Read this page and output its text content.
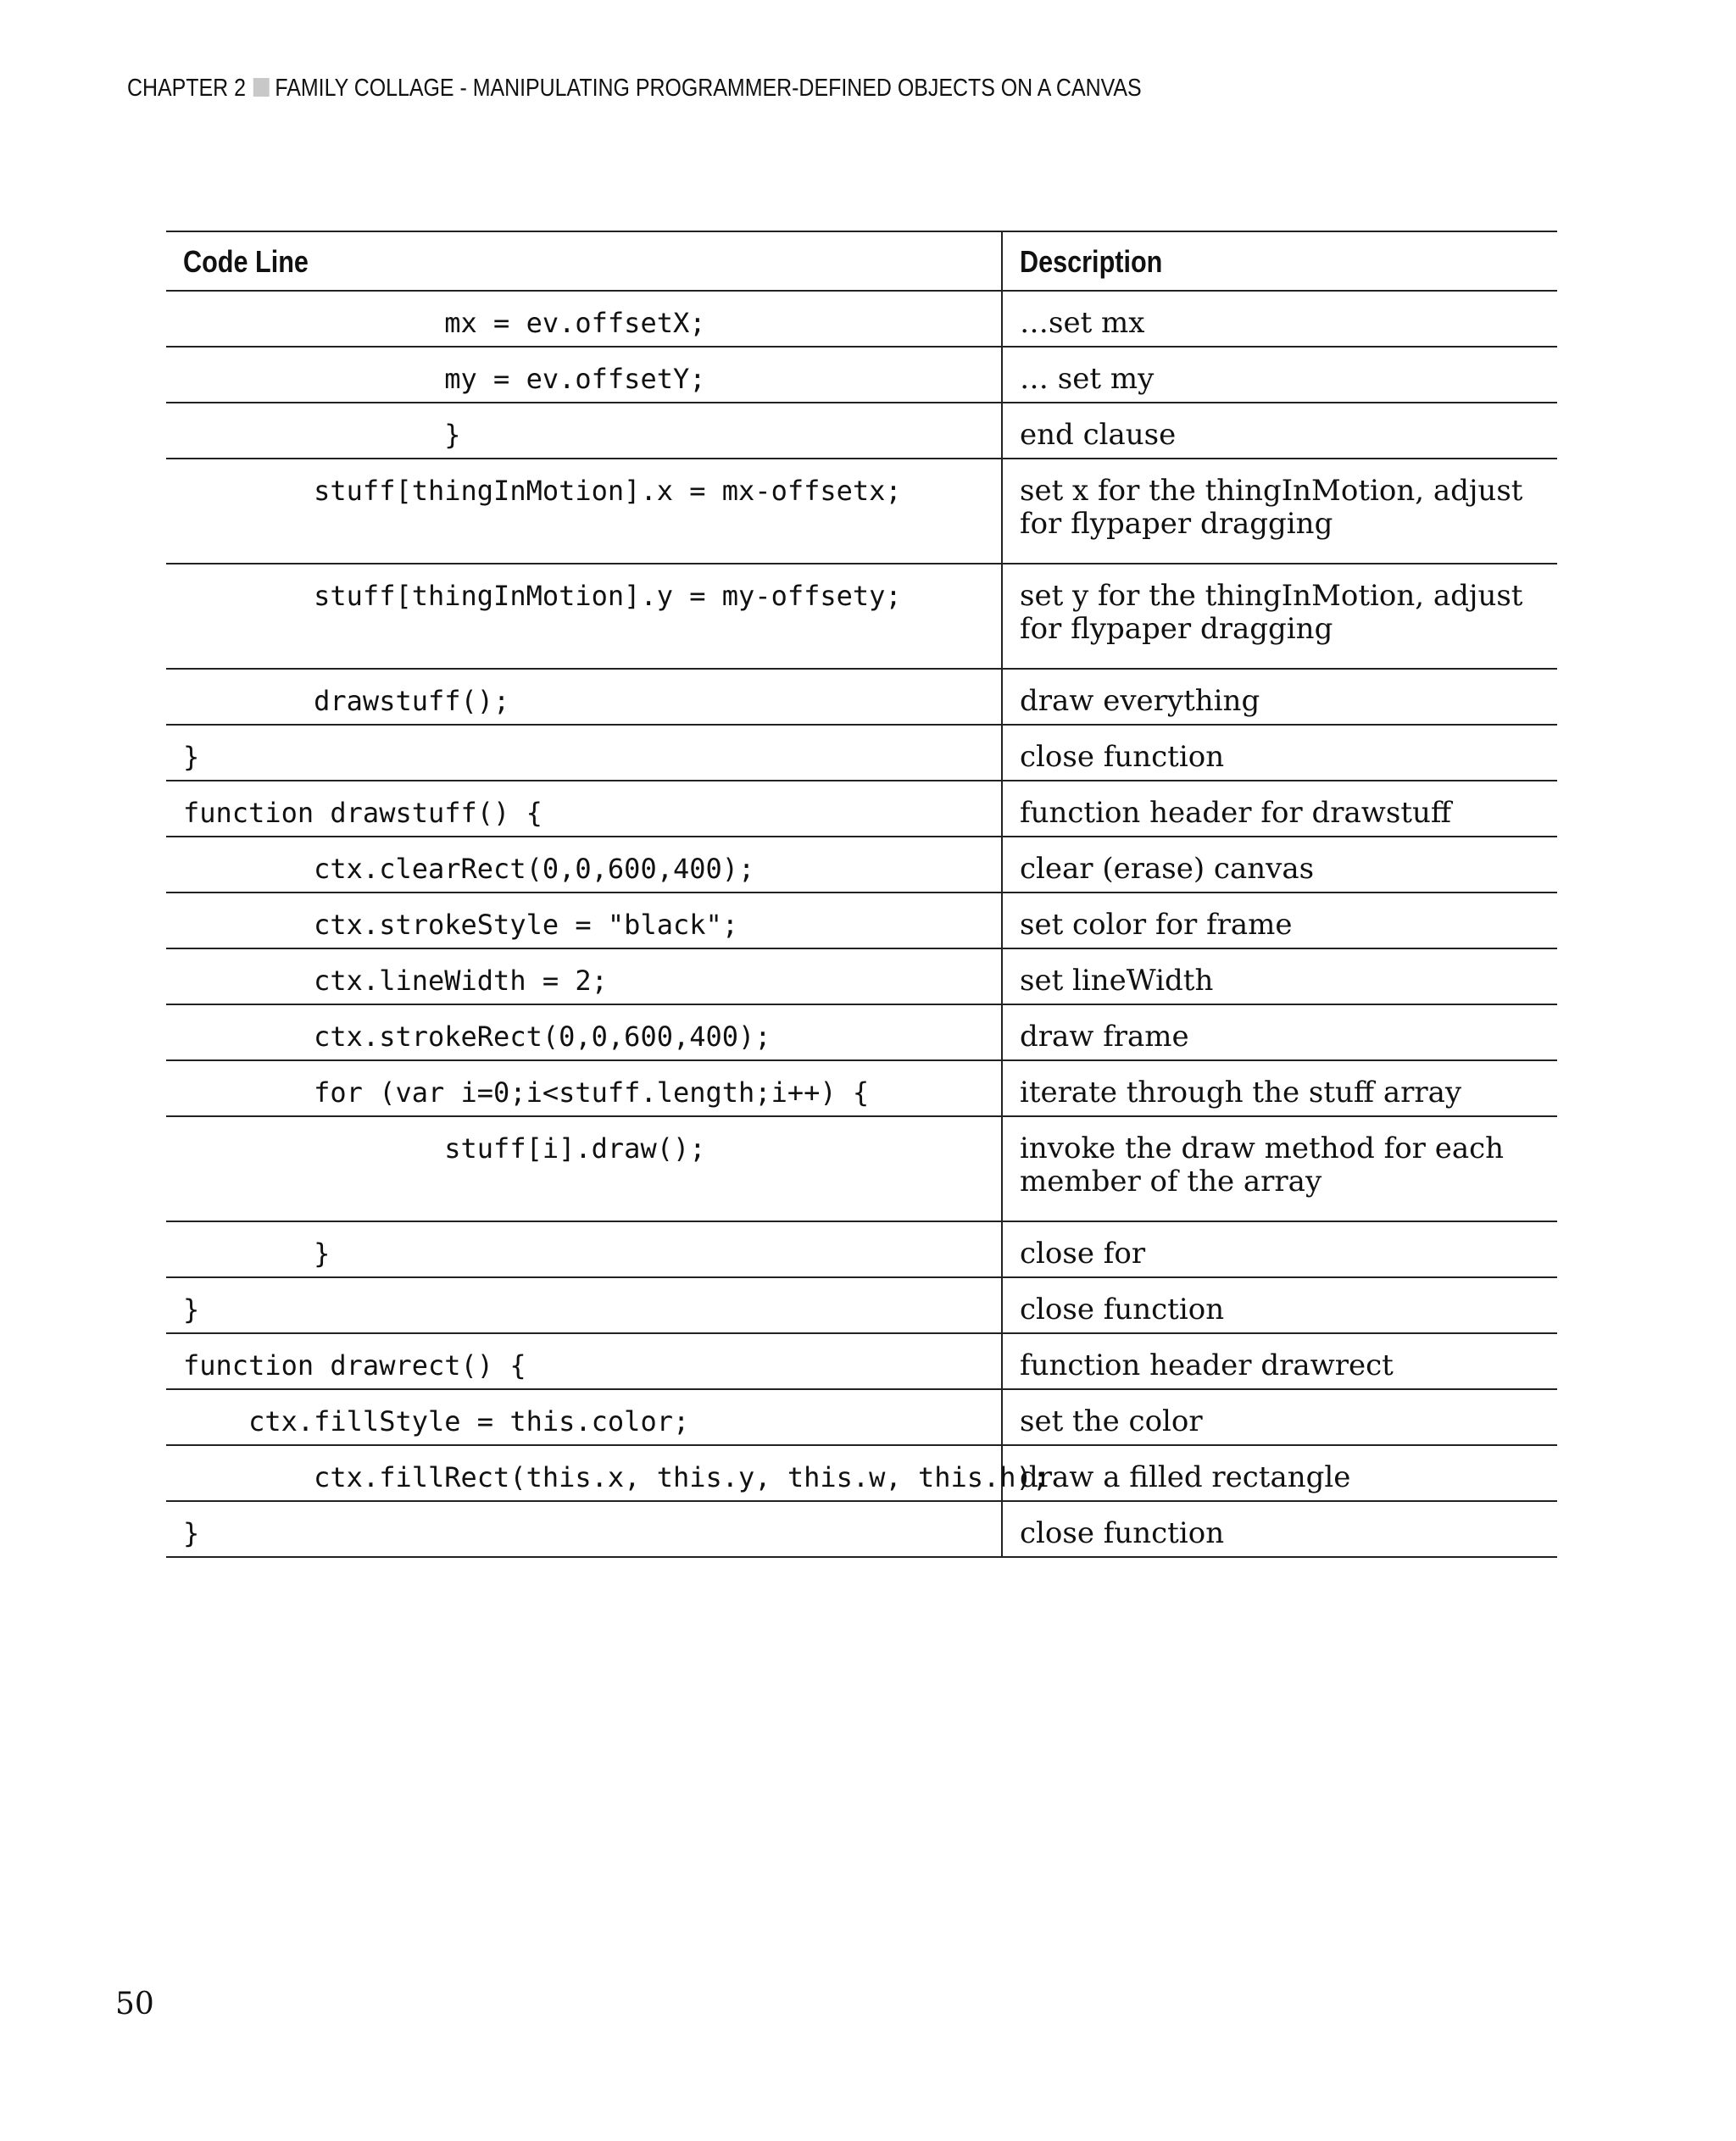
CHAPTER 2 FAMILY COLLAGE - MANIPULATING PROGRAMMER-DEFINED OBJECTS ON A CANVAS
Code Line	Description
mx = ev.offsetX;	…set mx
my = ev.offsetY;	… set my
}	end clause
stuff[thingInMotion].x = mx-offsetx;	set x for the thingInMotion, adjust for flypaper dragging
stuff[thingInMotion].y = my-offsety;	set y for the thingInMotion, adjust for flypaper dragging
drawstuff();	draw everything
}	close function
function drawstuff() {	function header for drawstuff
ctx.clearRect(0,0,600,400);	clear (erase) canvas
ctx.strokeStyle = "black";	set color for frame
ctx.lineWidth = 2;	set lineWidth
ctx.strokeRect(0,0,600,400);	draw frame
for (var i=0;i<stuff.length;i++) {	iterate through the stuff array
stuff[i].draw();	invoke the draw method for each member of the array
}	close for
}	close function
function drawrect() {	function header drawrect
ctx.fillStyle = this.color;	set the color
ctx.fillRect(this.x, this.y, this.w, this.h);	draw a filled rectangle
}	close function
50
